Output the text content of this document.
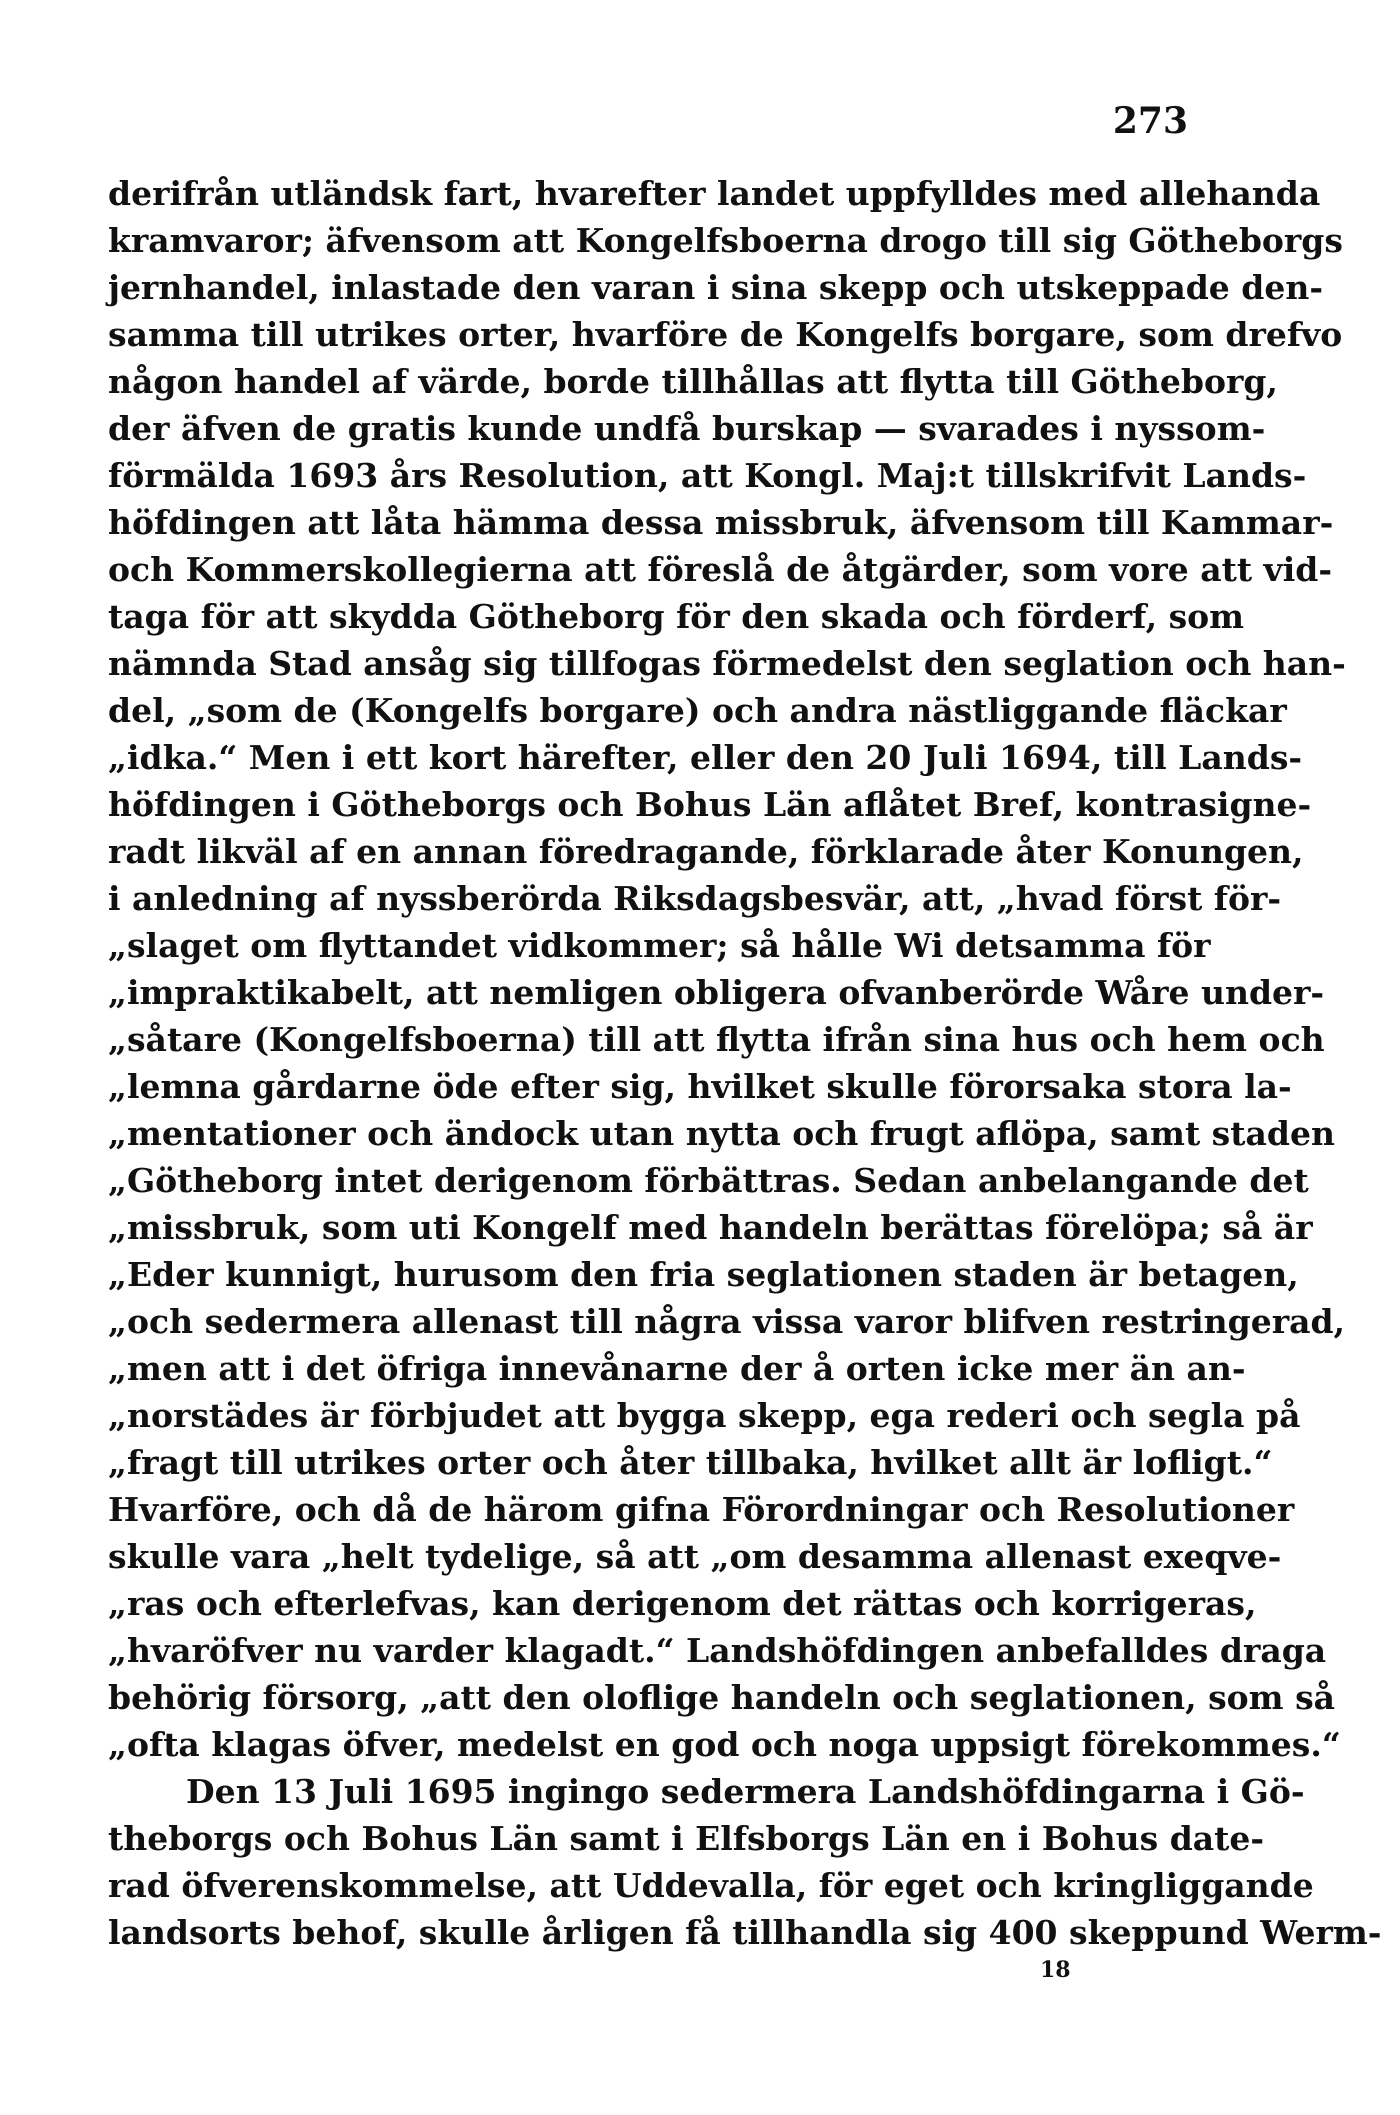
273

derifrån utländsk fart, hvarefter landet uppfylldes med allehanda
kramvaror; äfvensom att Kongelfsboerna drogo till sig Götheborgs
jernhandel, inlastade den varan i sina skepp och utskeppade den-
samma till utrikes orter, hvarföre de Kongelfs borgare, som drefvo
någon handel af värde, borde tillhållas att flytta till Götheborg,
der äfven de gratis kunde undfå burskap — svarades i nyssom-
förmälda 1693 års Resolution, att Kongl. Maj:t tillskrifvit Lands-
höfdingen att låta hämma dessa missbruk, äfvensom till Kammar-
och Kommerskollegierna att föreslå de åtgärder, som vore att vid-
taga för att skydda Götheborg för den skada och förderf, som
nämnda Stad ansåg sig tillfogas förmedelst den seglation och han-
del, „som de (Kongelfs borgare) och andra nästliggande fläckar
„idka.“ Men i ett kort härefter, eller den 20 Juli 1694, till Lands-
höfdingen i Götheborgs och Bohus Län aflåtet Bref, kontrasigne-
radt likväl af en annan föredragande, förklarade åter Konungen,
i anledning af nyssberörda Riksdagsbesvär, att, „hvad först för-
„slaget om flyttandet vidkommer; så hålle Wi detsamma för
„impraktikabelt, att nemligen obligera ofvanberörde Wåre under-
„såtare (Kongelfsboerna) till att flytta ifrån sina hus och hem och
„lemna gårdarne öde efter sig, hvilket skulle förorsaka stora la-
„mentationer och ändock utan nytta och frugt aflöpa, samt staden
„Götheborg intet derigenom förbättras. Sedan anbelangande det
„missbruk, som uti Kongelf med handeln berättas förelöpa; så är
„Eder kunnigt, hurusom den fria seglationen staden är betagen,
„och sedermera allenast till några vissa varor blifven restringerad,
„men att i det öfriga innevånarne der å orten icke mer än an-
„norstädes är förbjudet att bygga skepp, ega rederi och segla på
„fragt till utrikes orter och åter tillbaka, hvilket allt är lofligt.“
Hvarföre, och då de härom gifna Förordningar och Resolutioner
skulle vara „helt tydelige, så att „om desamma allenast exeqve-
„ras och efterlefvas, kan derigenom det rättas och korrigeras,
„hvaröfver nu varder klagadt.“ Landshöfdingen anbefalldes draga
behörig försorg, „att den oloflige handeln och seglationen, som så
„ofta klagas öfver, medelst en god och noga uppsigt förekommes.“
Den 13 Juli 1695 ingingo sedermera Landshöfdingarna i Gö-
theborgs och Bohus Län samt i Elfsborgs Län en i Bohus date-
rad öfverenskommelse, att Uddevalla, för eget och kringliggande
landsorts behof, skulle årligen få tillhandla sig 400 skeppund Werm-

18
